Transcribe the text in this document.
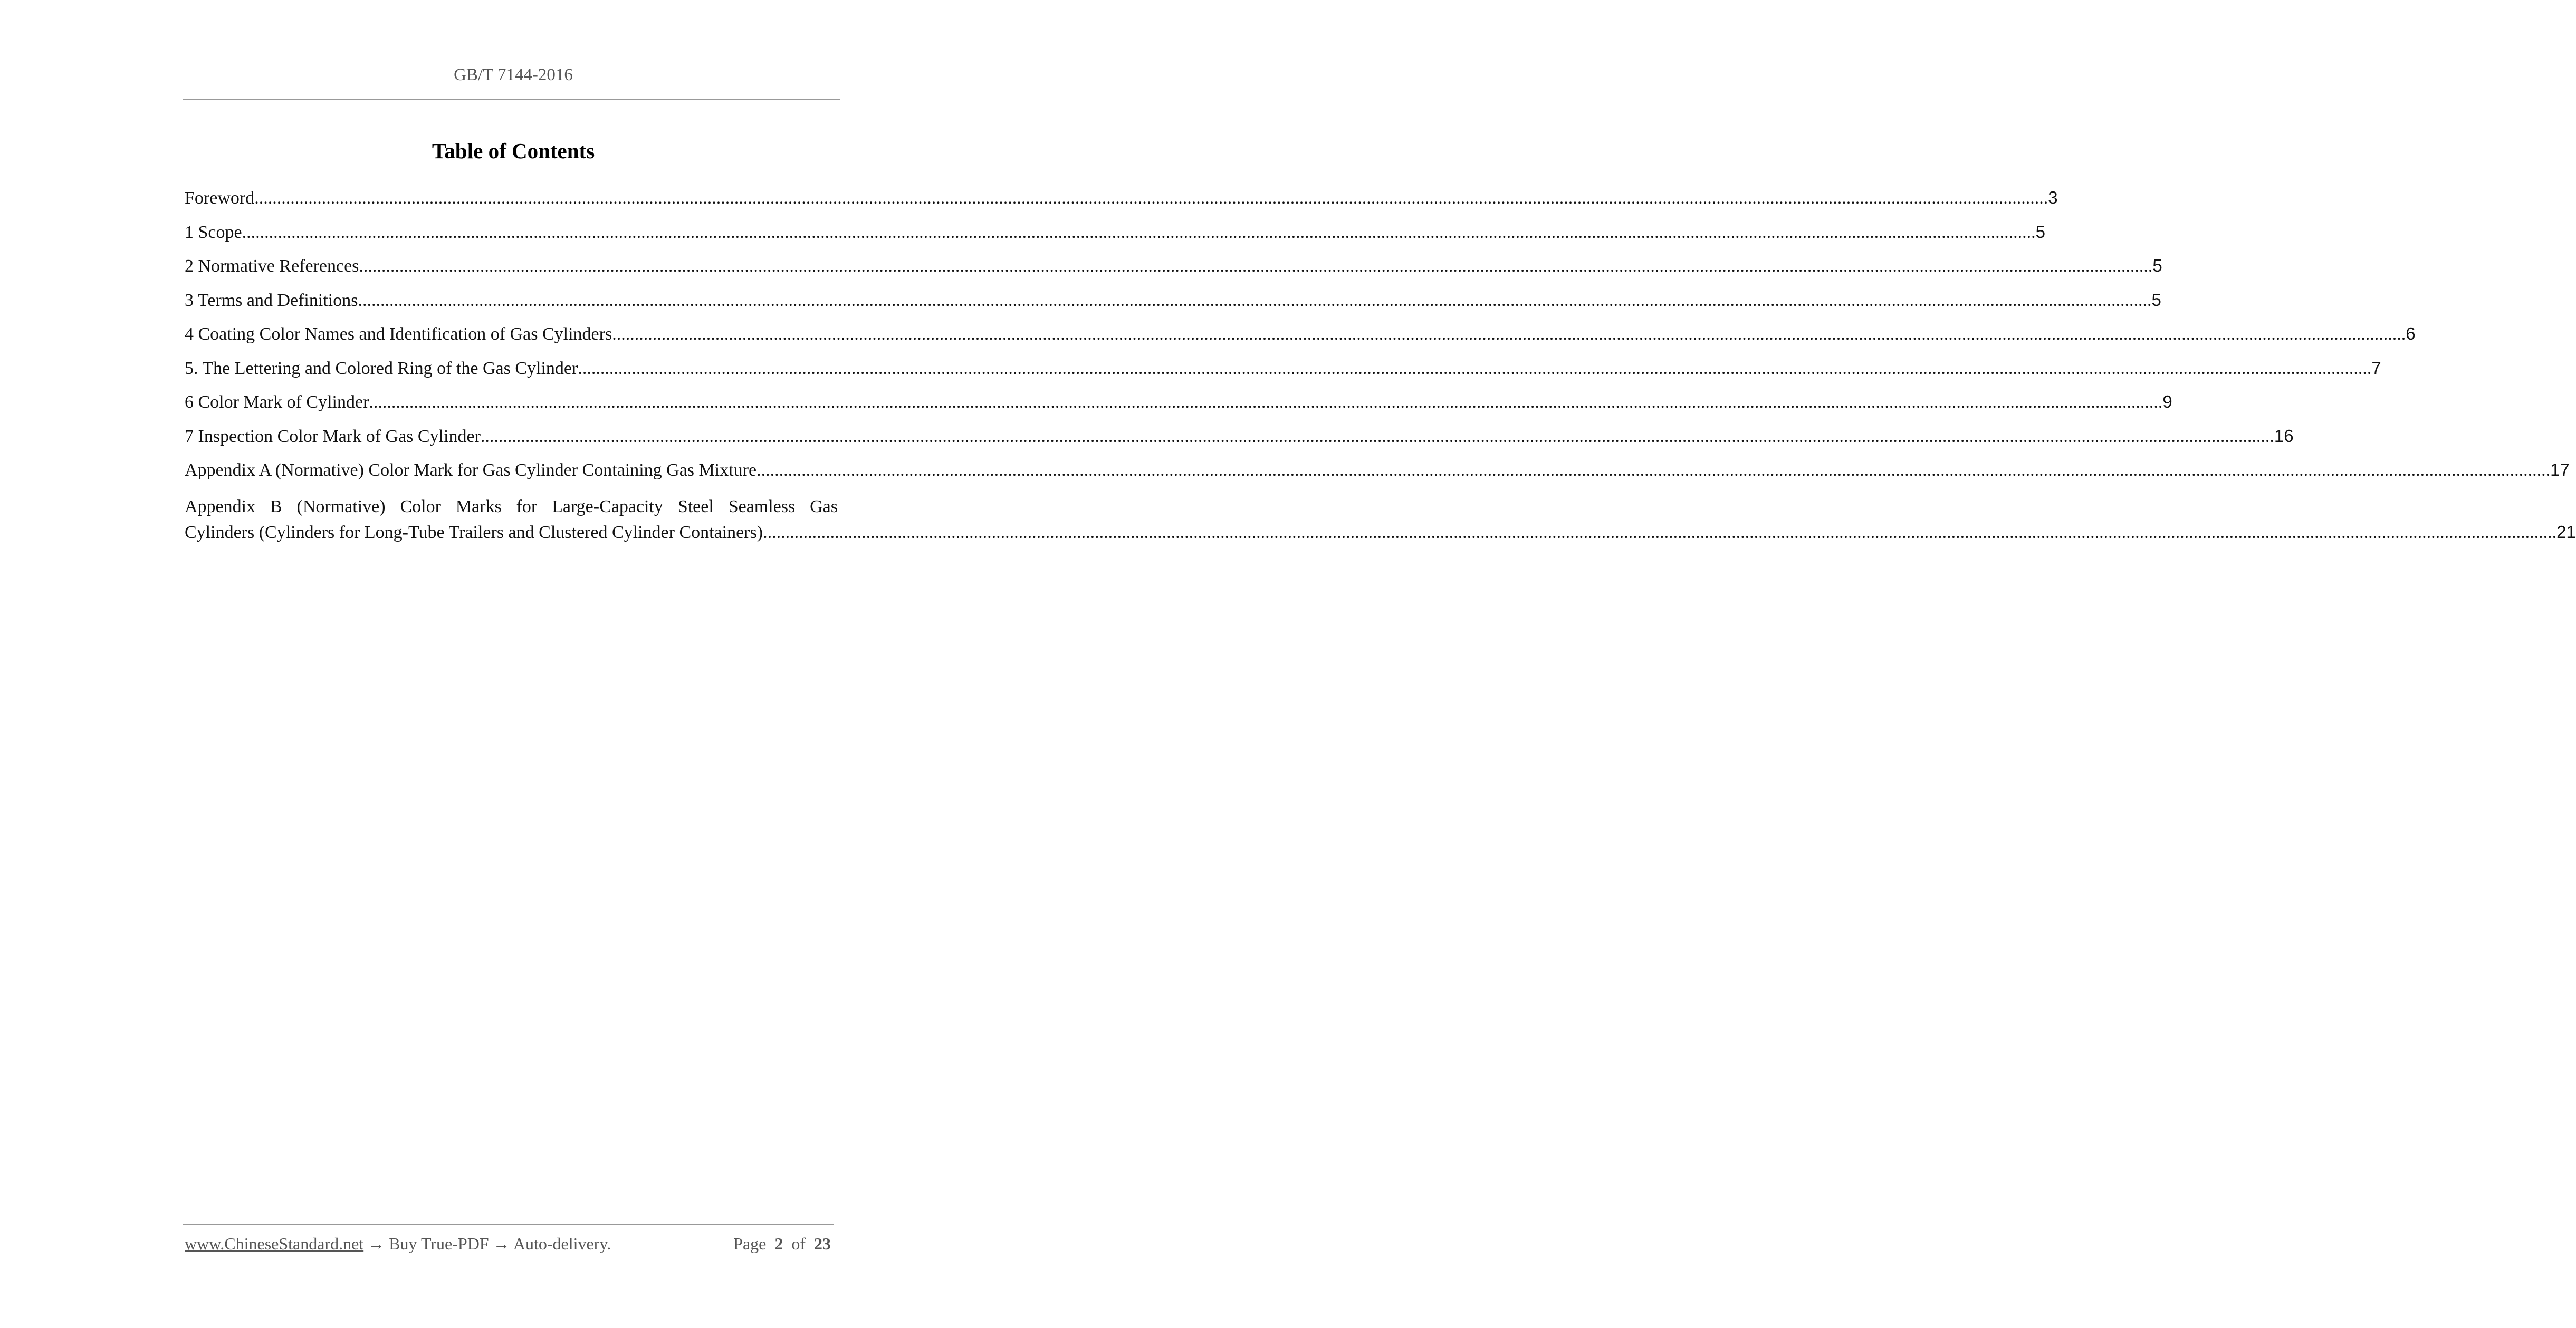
GB/T 7144-2016
Table of Contents
Foreword ................................................................................................................................................................................................................................................................................................................................................................................................................ 3
1 Scope ................................................................................................................................................................................................................................................................................................................................................................................................................ 5
2 Normative References ................................................................................................................................................................................................................................................................................................................................................................................................................ 5
3 Terms and Definitions ................................................................................................................................................................................................................................................................................................................................................................................................................ 5
4 Coating Color Names and Identification of Gas Cylinders ................................................................................................................................................................................................................................................................................................................................................................................................................ 6
5. The Lettering and Colored Ring of the Gas Cylinder ................................................................................................................................................................................................................................................................................................................................................................................................................ 7
6 Color Mark of Cylinder ................................................................................................................................................................................................................................................................................................................................................................................................................ 9
7 Inspection Color Mark of Gas Cylinder ................................................................................................................................................................................................................................................................................................................................................................................................................ 16
Appendix A (Normative) Color Mark for Gas Cylinder Containing Gas Mixture ................................................................................................................................................................................................................................................................................................................................................................................................................ 17
Appendix B (Normative) Color Marks for Large-Capacity Steel Seamless Gas
Cylinders (Cylinders for Long-Tube Trailers and Clustered Cylinder Containers) ................................................................................................................................................................................................................................................................................................................................................................................................................ 21
www.ChineseStandard.net → Buy True-PDF → Auto-delivery.	Page 2 of 23
